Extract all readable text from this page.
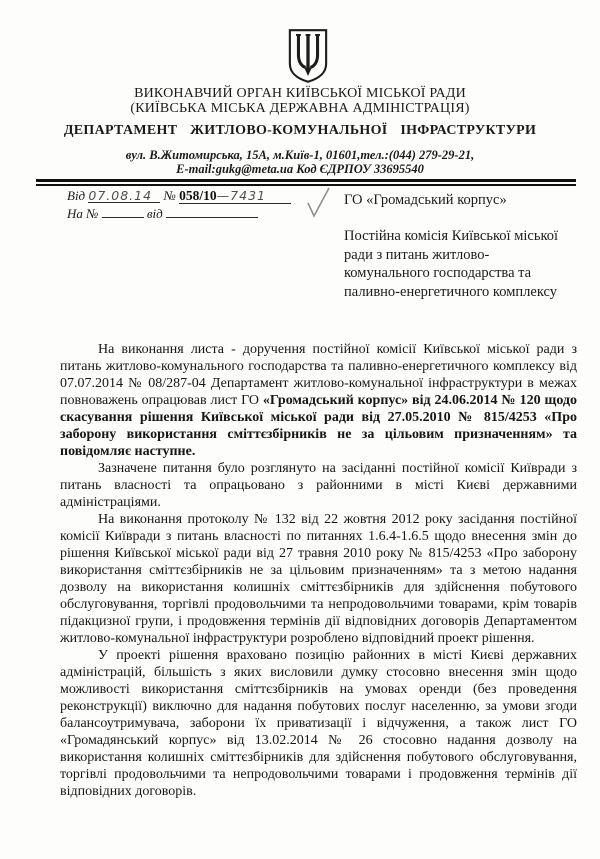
ВИКОНАВЧИЙ ОРГАН КИЇВСЬКОЇ МІСЬКОЇ РАДИ
(КИЇВСЬКА МІСЬКА ДЕРЖАВНА АДМІНІСТРАЦІЯ)
ДЕПАРТАМЕНТ ЖИТЛОВО-КОМУНАЛЬНОЇ ІНФРАСТРУКТУРИ
вул. В.Житомирська, 15А, м.Київ-1, 01601,тел.:(044) 279-29-21,
E-mail:gukg@meta.ua Код ЄДРПОУ 33695540
Від 07.08.14 № 058/10—7431
На №	від
ГО «Громадський корпус»
Постійна комісія Київської міської ради з питань житлово-комунального господарства та паливно-енергетичного комплексу

На виконання листа - доручення постійної комісії Київської міської ради з питань житлово-комунального господарства та паливно-енергетичного комплексу від 07.07.2014 № 08/287-04 Департамент житлово-комунальної інфраструктури в межах повноважень опрацював лист ГО «Громадський корпус» від 24.06.2014 № 120 щодо скасування рішення Київської міської ради від 27.05.2010 № 815/4253 «Про заборону використання сміттєзбірників не за цільовим призначенням» та повідомляє наступне.

Зазначене питання було розглянуто на засіданні постійної комісії Київради з питань власності та опрацьовано з районними в місті Києві державними адміністраціями.

На виконання протоколу № 132 від 22 жовтня 2012 року засідання постійної комісії Київради з питань власності по питаннях 1.6.4-1.6.5 щодо внесення змін до рішення Київської міської ради від 27 травня 2010 року № 815/4253 «Про заборону використання сміттєзбірників не за цільовим призначенням» та з метою надання дозволу на використання колишніх сміттєзбірників для здійснення побутового обслуговування, торгівлі продовольчими та непродовольчими товарами, крім товарів підакцизної групи, і продовження термінів дії відповідних договорів Департаментом житлово-комунальної інфраструктури розроблено відповідний проект рішення.

У проекті рішення враховано позицію районних в місті Києві державних адміністрацій, більшість з яких висловили думку стосовно внесення змін щодо можливості використання сміттєзбірників на умовах оренди (без проведення реконструкції) виключно для надання побутових послуг населенню, за умови згоди балансоутримувача, заборони їх приватизації і відчуження, а також лист ГО «Громадянський корпус» від 13.02.2014 № 26 стосовно надання дозволу на використання колишніх сміттєзбірників для здійснення побутового обслуговування, торгівлі продовольчими та непродовольчими товарами і продовження термінів дії відповідних договорів.
